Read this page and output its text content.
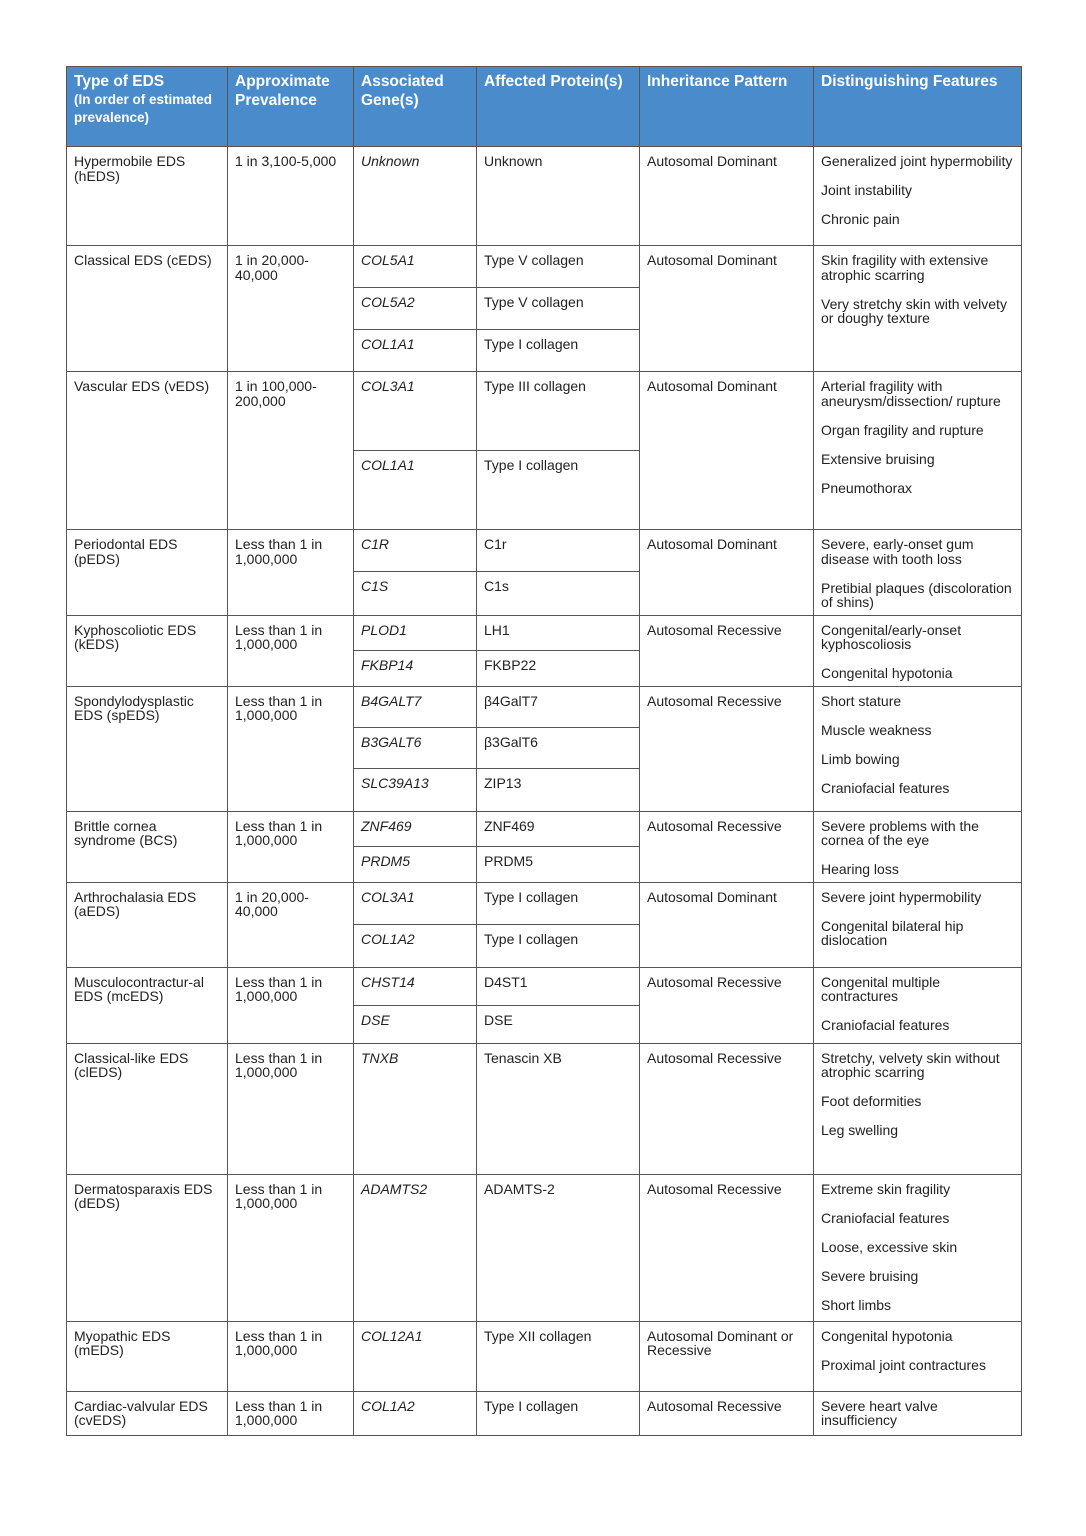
Type of EDS
(In order of estimated prevalence)	Approximate Prevalence	Associated Gene(s)	Affected Protein(s)	Inheritance Pattern	Distinguishing Features
Hypermobile EDS (hEDS)	1 in 3,100-5,000	Unknown	Unknown	Autosomal Dominant	Generalized joint hypermobility

Joint instability

Chronic pain

Classical EDS (cEDS)	1 in 20,000-40,000	COL5A1	Type V collagen	Autosomal Dominant	Skin fragility with extensive atrophic scarring

Very stretchy skin with velvety or doughy texture

		COL5A2	Type V collagen		
		COL1A1	Type I collagen		
Vascular EDS (vEDS)	1 in 100,000-200,000	COL3A1	Type III collagen	Autosomal Dominant	Arterial fragility with aneurysm/dissection/ rupture

Organ fragility and rupture

Extensive bruising

Pneumothorax

		COL1A1	Type I collagen		
Periodontal EDS (pEDS)	Less than 1 in 1,000,000	C1R	C1r	Autosomal Dominant	Severe, early-onset gum disease with tooth loss

Pretibial plaques (discoloration of shins)

		C1S	C1s		
Kyphoscoliotic EDS (kEDS)	Less than 1 in 1,000,000	PLOD1	LH1	Autosomal Recessive	Congenital/early-onset kyphoscoliosis

Congenital hypotonia

		FKBP14	FKBP22		
Spondylodysplastic EDS (spEDS)	Less than 1 in 1,000,000	B4GALT7	β4GalT7	Autosomal Recessive	Short stature

Muscle weakness

Limb bowing

Craniofacial features

		B3GALT6	β3GalT6		
		SLC39A13	ZIP13		
Brittle cornea syndrome (BCS)	Less than 1 in 1,000,000	ZNF469	ZNF469	Autosomal Recessive	Severe problems with the cornea of the eye

Hearing loss

		PRDM5	PRDM5		
Arthrochalasia EDS (aEDS)	1 in 20,000-40,000	COL3A1	Type I collagen	Autosomal Dominant	Severe joint hypermobility

Congenital bilateral hip dislocation

		COL1A2	Type I collagen		
Musculocontractur-al EDS (mcEDS)	Less than 1 in 1,000,000	CHST14	D4ST1	Autosomal Recessive	Congenital multiple contractures

Craniofacial features

		DSE	DSE		
Classical-like EDS (clEDS)	Less than 1 in 1,000,000	TNXB	Tenascin XB	Autosomal Recessive	Stretchy, velvety skin without atrophic scarring

Foot deformities

Leg swelling

Dermatosparaxis EDS (dEDS)	Less than 1 in 1,000,000	ADAMTS2	ADAMTS-2	Autosomal Recessive	Extreme skin fragility

Craniofacial features

Loose, excessive skin

Severe bruising

Short limbs

Myopathic EDS (mEDS)	Less than 1 in 1,000,000	COL12A1	Type XII collagen	Autosomal Dominant or Recessive	Congenital hypotonia

Proximal joint contractures

Cardiac-valvular EDS (cvEDS)	Less than 1 in 1,000,000	COL1A2	Type I collagen	Autosomal Recessive	Severe heart valve insufficiency
